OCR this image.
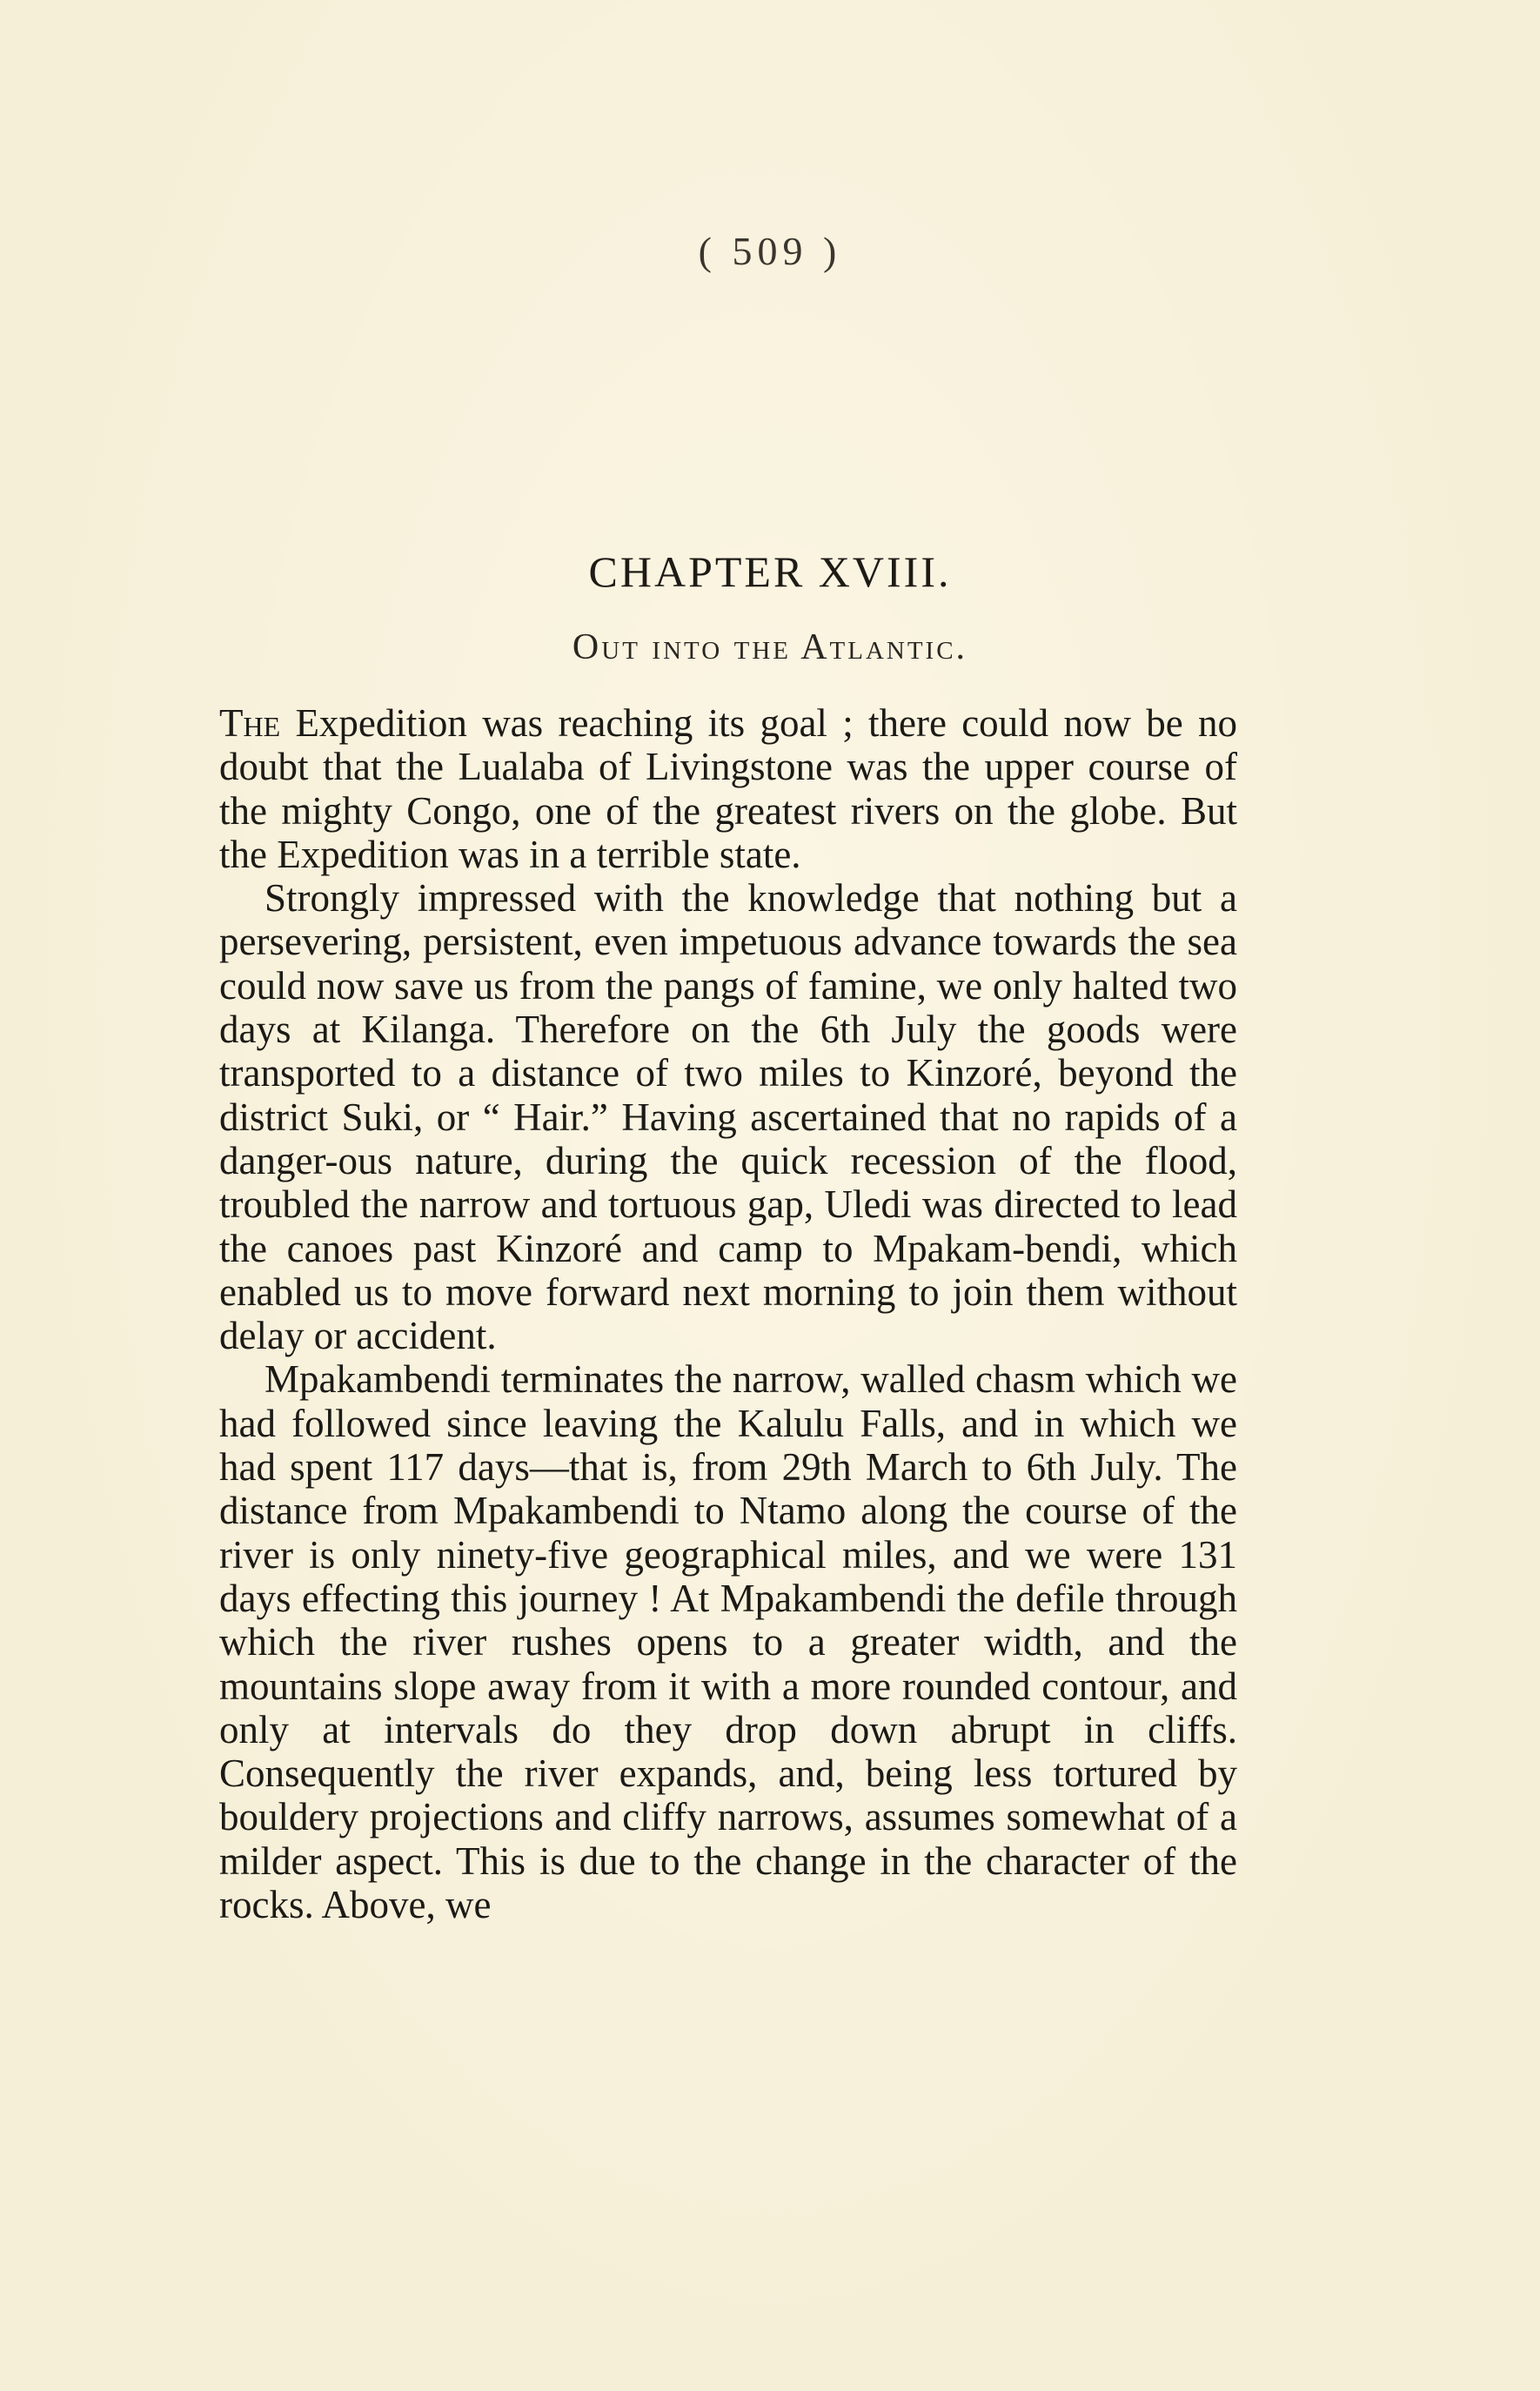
( 509 )
CHAPTER XVIII.
Out into the Atlantic.

The Expedition was reaching its goal ; there could now be no doubt that the Lualaba of Livingstone was the upper course of the mighty Congo, one of the greatest rivers on the globe. But the Expedition was in a terrible state.

Strongly impressed with the knowledge that nothing but a persevering, persistent, even impetuous advance towards the sea could now save us from the pangs of famine, we only halted two days at Kilanga. Therefore on the 6th July the goods were transported to a distance of two miles to Kinzoré, beyond the district Suki, or “ Hair.” Having ascertained that no rapids of a danger-ous nature, during the quick recession of the flood, troubled the narrow and tortuous gap, Uledi was directed to lead the canoes past Kinzoré and camp to Mpakam-bendi, which enabled us to move forward next morning to join them without delay or accident.

Mpakambendi terminates the narrow, walled chasm which we had followed since leaving the Kalulu Falls, and in which we had spent 117 days—that is, from 29th March to 6th July. The distance from Mpakambendi to Ntamo along the course of the river is only ninety-five geographical miles, and we were 131 days effecting this journey ! At Mpakambendi the defile through which the river rushes opens to a greater width, and the mountains slope away from it with a more rounded contour, and only at intervals do they drop down abrupt in cliffs. Consequently the river expands, and, being less tortured by bouldery projections and cliffy narrows, assumes somewhat of a milder aspect. This is due to the change in the character of the rocks. Above, we
